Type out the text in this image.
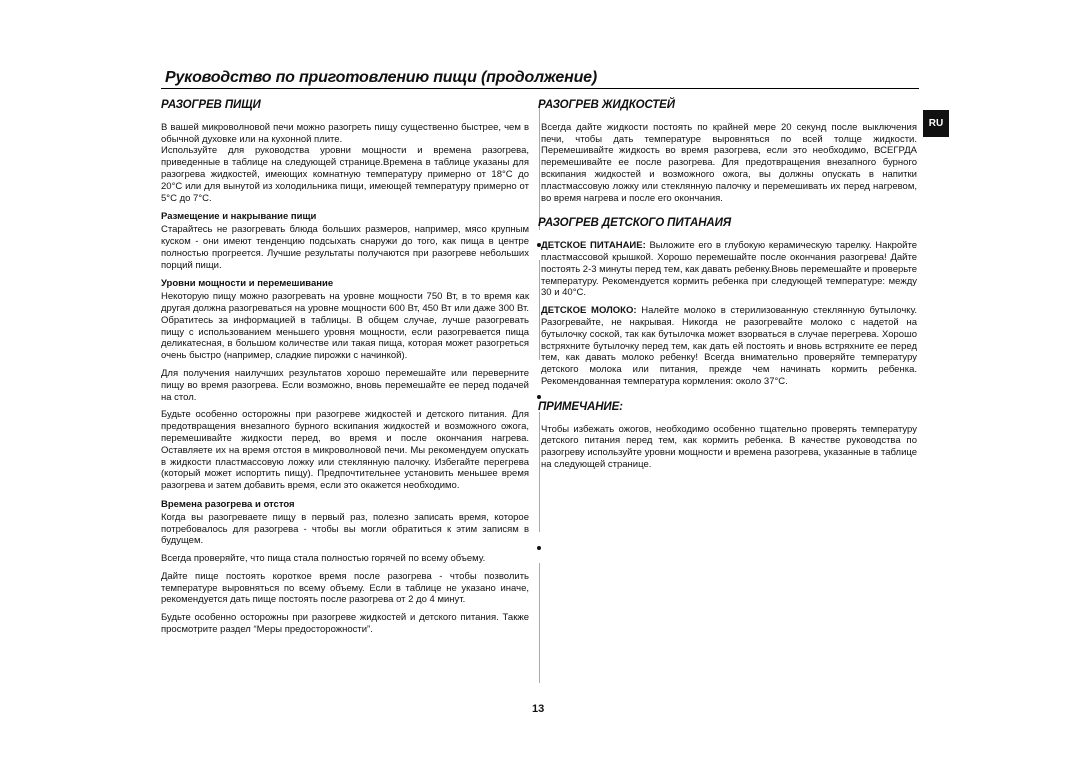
Руководство по приготовлению пищи (продолжение)
RU
РАЗОГРЕВ ПИЩИ

В вашей микроволновой печи можно разогреть пищу существенно быстрее, чем в обычной духовке или на кухонной плите.

Используйте для руководства уровни мощности и времена разогрева, приведенные в таблице на следующей странице.Времена в таблице указаны для разогрева жидкостей, имеющих комнатную температуру примерно от 18°C до 20°C или для вынутой из холодильника пищи, имеющей температуру примерно от 5°C до 7°C.

Размещение и накрывание пищи

Старайтесь не разогревать блюда больших размеров, например, мясо крупным куском - они имеют тенденцию подсыхать снаружи до того, как пища в центре полностью прогреется. Лучшие результаты получаются при разогреве небольших порций пищи.

Уровни мощности и перемешивание

Некоторую пищу можно разогревать на уровне мощности 750 Вт, в то время как другая должна разогреваться на уровне мощности 600 Вт, 450 Вт или даже 300 Вт. Обратитесь за информацией в таблицы. В общем случае, лучше разогревать пищу с использованием меньшего уровня мощности, если разогревается пища деликатесная, в большом количестве или такая пища, которая может разогреться очень быстро (например, сладкие пирожки с начинкой).

Для получения наилучших результатов хорошо перемешайте или переверните пищу во время разогрева. Если возможно, вновь перемешайте ее перед подачей на стол.

Будьте особенно осторожны при разогреве жидкостей и детского питания. Для предотвращения внезапного бурного вскипания жидкостей и возможного ожога, перемешивайте жидкости перед, во время и после окончания нагрева. Оставляете их на время отстоя в микроволновой печи. Мы рекомендуем опускать в жидкости пластмассовую ложку или стеклянную палочку. Избегайте перегрева (который может испортить пищу). Предпочтительнее установить меньшее время разогрева и затем добавить время, если это окажется необходимо.

Времена разогрева и отстоя

Когда вы разогреваете пищу в первый раз, полезно записать время, которое потребовалось для разогрева - чтобы вы могли обратиться к этим записям в будущем.

Всегда проверяйте, что пища стала полностью горячей по всему объему.

Дайте пище постоять короткое время после разогрева - чтобы позволить температуре выровняться по всему объему. Если в таблице не указано иначе, рекомендуется дать пище постоять после разогрева от 2 до 4 минут.

Будьте особенно осторожны при разогреве жидкостей и детского питания. Также просмотрите раздел “Меры предосторожности”.

РАЗОГРЕВ ЖИДКОСТЕЙ

Всегда дайте жидкости постоять по крайней мере 20 секунд после выключения печи, чтобы дать температуре выровняться по всей толще жидкости. Перемешивайте жидкость во время разогрева, если это необходимо, ВСЕГРДА перемешивайте ее после разогрева. Для предотвращения внезапного бурного вскипания жидкостей и возможного ожога, вы должны опускать в напитки пластмассовую ложку или стеклянную палочку и перемешивать их перед нагревом, во время нагрева и после его окончания.

РАЗОГРЕВ ДЕТСКОГО ПИТАНАИЯ

ДЕТСКОЕ ПИТАНАИЕ: Выложите его в глубокую керамическую тарелку. Накройте пластмассовой крышкой. Хорошо перемешайте после окончания разогрева! Дайте постоять 2-3 минуты перед тем, как давать ребенку.Вновь перемешайте и проверьте температуру. Рекомендуется кормить ребенка при следующей температуре: между 30 и 40°C.

ДЕТСКОЕ МОЛОКО: Налейте молоко в стерилизованную стеклянную бутылочку. Разогревайте, не накрывая. Никогда не разогревайте молоко с надетой на бутылочку соской, так как бутылочка может взорваться в случае перегрева. Хорошо встряхните бутылочку перед тем, как дать ей постоять и вновь встряхните ее перед тем, как давать молоко ребенку! Всегда внимательно проверяйте температуру детского молока или питания, прежде чем начинать кормить ребенка. Рекомендованная температура кормления: около 37°C.

ПРИМЕЧАНИЕ:

Чтобы избежать ожогов, необходимо особенно тщательно проверять температуру детского питания перед тем, как кормить ребенка. В качестве руководства по разогреву используйте уровни мощности и времена разогрева, указанные в таблице на следующей странице.

13
